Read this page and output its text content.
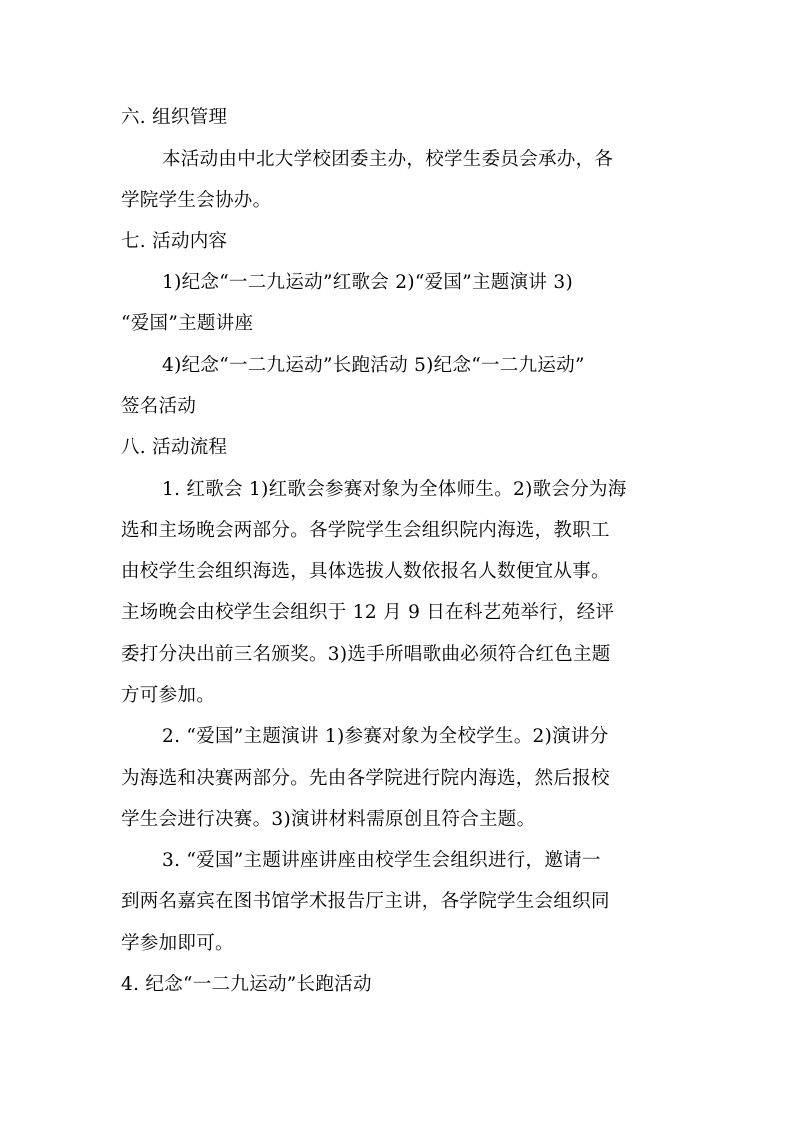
六. 组织管理
本活动由中北大学校团委主办，校学生委员会承办，各
学院学生会协办。
七. 活动内容
1)纪念“一二九运动”红歌会 2)“爱国”主题演讲 3)
“爱国”主题讲座
4)纪念“一二九运动”长跑活动 5)纪念“一二九运动”
签名活动
八. 活动流程
1. 红歌会 1)红歌会参赛对象为全体师生。2)歌会分为海
选和主场晚会两部分。各学院学生会组织院内海选，教职工
由校学生会组织海选，具体选拔人数依报名人数便宜从事。
主场晚会由校学生会组织于 12 月 9 日在科艺苑举行，经评
委打分决出前三名颁奖。3)选手所唱歌曲必须符合红色主题
方可参加。
2. “爱国”主题演讲 1)参赛对象为全校学生。2)演讲分
为海选和决赛两部分。先由各学院进行院内海选，然后报校
学生会进行决赛。3)演讲材料需原创且符合主题。
3. “爱国”主题讲座讲座由校学生会组织进行，邀请一
到两名嘉宾在图书馆学术报告厅主讲，各学院学生会组织同
学参加即可。
4. 纪念“一二九运动”长跑活动
